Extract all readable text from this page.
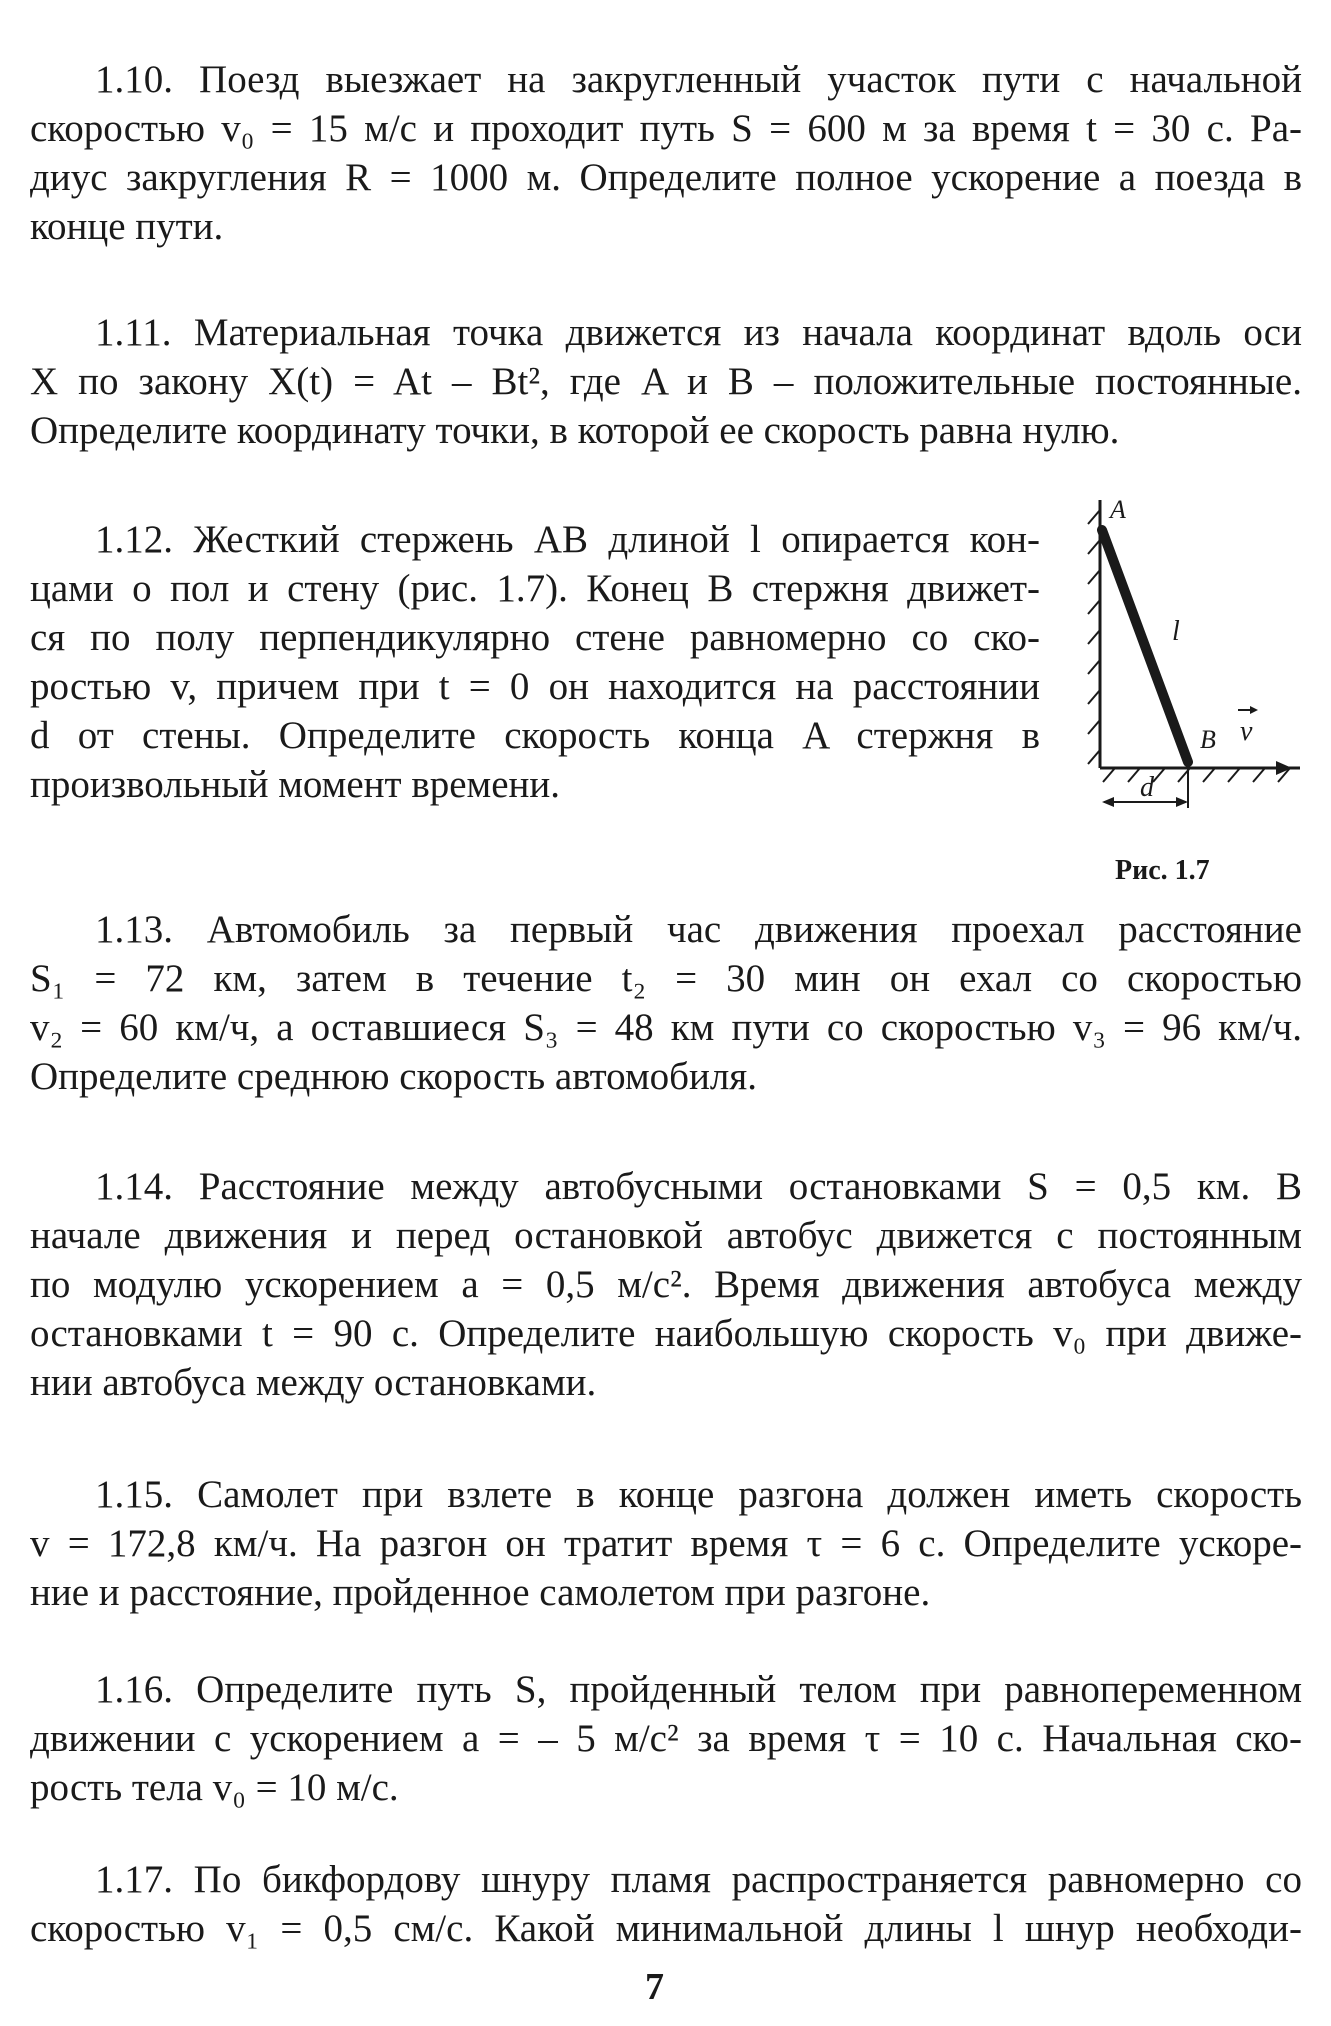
1.10. Поезд выезжает на закругленный участок пути с начальной
скоростью v₀ = 15 м/с и проходит путь S = 600 м за время t = 30 с. Ра-
диус закругления R = 1000 м. Определите полное ускорение a поезда в
конце пути.
1.11. Материальная точка движется из начала координат вдоль оси
X по закону X(t) = At – Bt², где A и B – положительные постоянные.
Определите координату точки, в которой ее скорость равна нулю.
1.12. Жесткий стержень AB длиной l опирается кон-
цами о пол и стену (рис. 1.7). Конец B стержня движет-
ся по полу перпендикулярно стене равномерно со ско-
ростью v, причем при t = 0 он находится на расстоянии
d от стены. Определите скорость конца A стержня в
произвольный момент времени.
A
l
B v
d
Рис. 1.7
1.13. Автомобиль за первый час движения проехал расстояние
S₁ = 72 км, затем в течение t₂ = 30 мин он ехал со скоростью
v₂ = 60 км/ч, а оставшиеся S₃ = 48 км пути со скоростью v₃ = 96 км/ч.
Определите среднюю скорость автомобиля.
1.14. Расстояние между автобусными остановками S = 0,5 км. В
начале движения и перед остановкой автобус движется с постоянным
по модулю ускорением a = 0,5 м/с². Время движения автобуса между
остановками t = 90 с. Определите наибольшую скорость v₀ при движе-
нии автобуса между остановками.
1.15. Самолет при взлете в конце разгона должен иметь скорость
v = 172,8 км/ч. На разгон он тратит время τ = 6 с. Определите ускоре-
ние и расстояние, пройденное самолетом при разгоне.
1.16. Определите путь S, пройденный телом при равнопеременном
движении с ускорением a = – 5 м/с² за время τ = 10 с. Начальная ско-
рость тела v₀ = 10 м/с.
1.17. По бикфордову шнуру пламя распространяется равномерно со
скоростью v₁ = 0,5 см/с. Какой минимальной длины l шнур необходи-
7
